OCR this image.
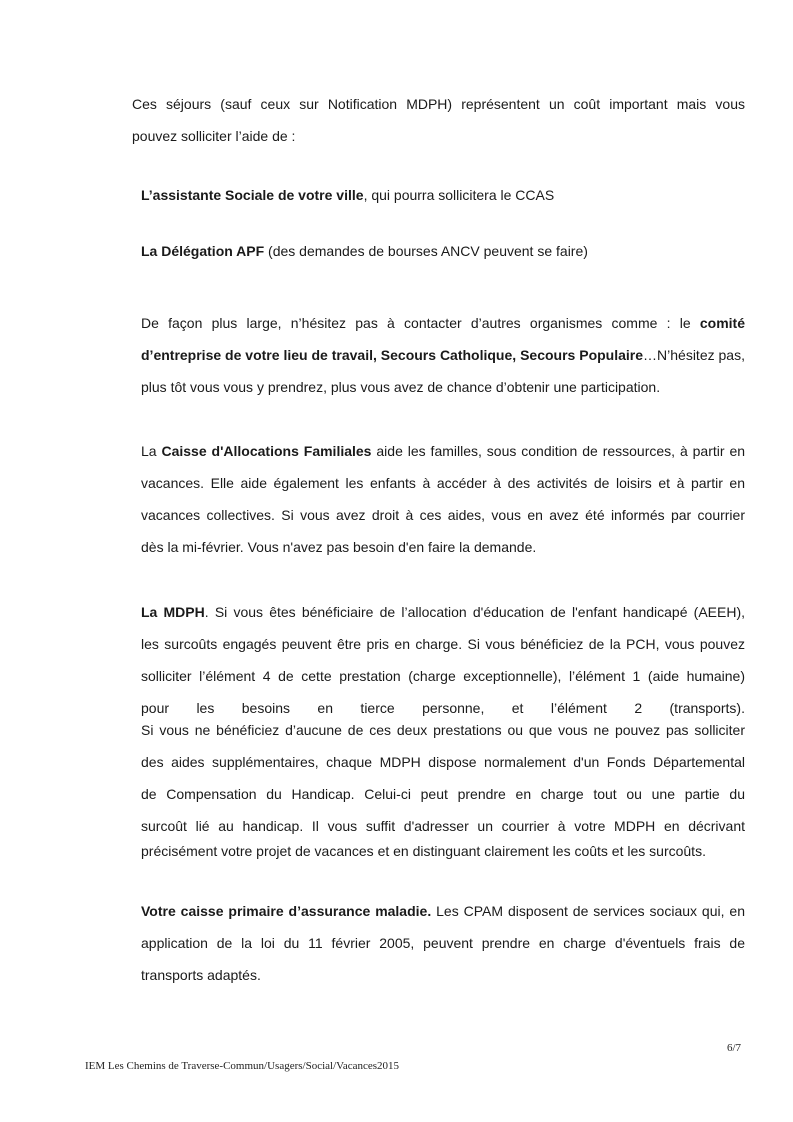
Ces séjours (sauf ceux sur Notification MDPH) représentent un coût important mais vous
pouvez solliciter l’aide de :
L’assistante Sociale de votre ville, qui pourra sollicitera le CCAS
La Délégation APF (des demandes de bourses ANCV peuvent se faire)
De façon plus large, n’hésitez pas à contacter d’autres organismes comme : le comité
d’entreprise de votre lieu de travail, Secours Catholique, Secours Populaire…N’hésitez pas,
plus tôt vous vous y prendrez, plus vous avez de chance d’obtenir une participation.
La Caisse d'Allocations Familiales aide les familles, sous condition de ressources, à partir en
vacances. Elle aide également les enfants à accéder à des activités de loisirs et à partir en
vacances collectives. Si vous avez droit à ces aides, vous en avez été informés par courrier
dès la mi-février. Vous n'avez pas besoin d'en faire la demande.
La MDPH. Si vous êtes bénéficiaire de l’allocation d'éducation de l'enfant handicapé (AEEH),
les surcoûts engagés peuvent être pris en charge. Si vous bénéficiez de la PCH, vous pouvez
solliciter l’élément 4 de cette prestation (charge exceptionnelle), l’élément 1 (aide humaine)
pour les besoins en tierce personne, et l’élément 2 (transports).
Si vous ne bénéficiez d’aucune de ces deux prestations ou que vous ne pouvez pas solliciter
des aides supplémentaires, chaque MDPH dispose normalement d'un Fonds Départemental
de Compensation du Handicap. Celui-ci peut prendre en charge tout ou une partie du
surcoût lié au handicap. Il vous suffit d'adresser un courrier à votre MDPH en décrivant
précisément votre projet de vacances et en distinguant clairement les coûts et les surcoûts.
Votre caisse primaire d’assurance maladie. Les CPAM disposent de services sociaux qui, en
application de la loi du 11 février 2005, peuvent prendre en charge d'éventuels frais de
transports adaptés.
6/7
IEM Les Chemins de Traverse-Commun/Usagers/Social/Vacances2015
